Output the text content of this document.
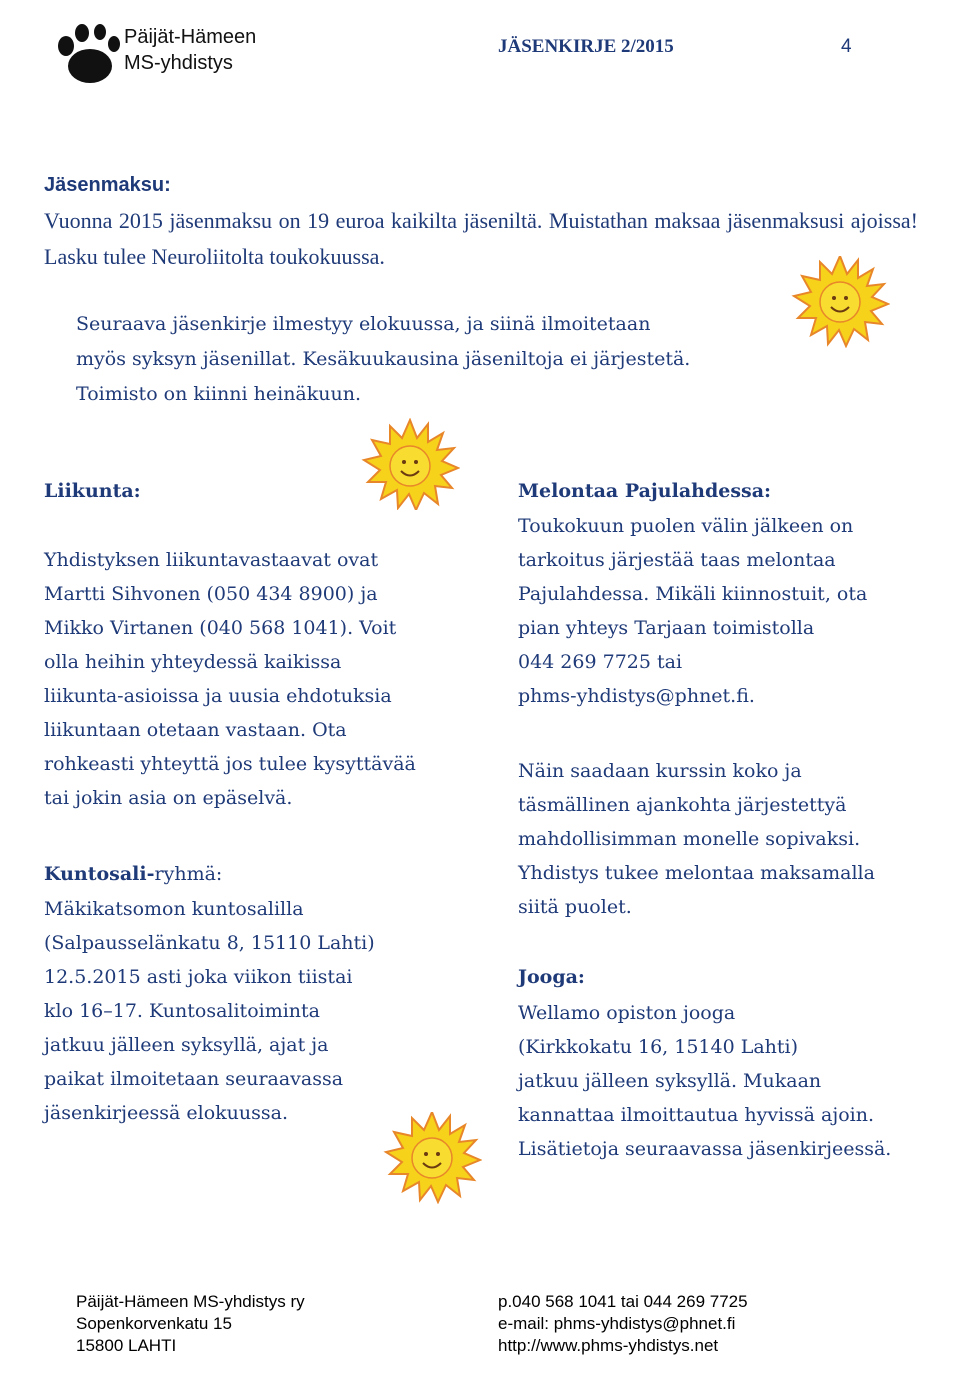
Päijät-Hämeen
MS-yhdistys
JÄSENKIRJE 2/2015	4
Jäsenmaksu:
Vuonna 2015 jäsenmaksu on 19 euroa kaikilta jäseniltä. Muistathan maksaa jäsenmaksusi ajoissa! Lasku tulee Neuroliitolta toukokuussa.
Seuraava jäsenkirje ilmestyy elokuussa, ja siinä ilmoitetaan
myös syksyn jäsenillat. Kesäkuukausina jäseniltoja ei järjestetä.
Toimisto on kiinni heinäkuun.
Liikunta:
Yhdistyksen liikuntavastaavat ovat
Martti Sihvonen (050 434 8900) ja
Mikko Virtanen (040 568 1041). Voit
olla heihin yhteydessä kaikissa
liikunta-asioissa ja uusia ehdotuksia
liikuntaan otetaan vastaan. Ota
rohkeasti yhteyttä jos tulee kysyttävää
tai jokin asia on epäselvä.
Kuntosali-ryhmä:
Mäkikatsomon kuntosalilla
(Salpausselänkatu 8, 15110 Lahti)
12.5.2015 asti joka viikon tiistai
klo 16–17. Kuntosalitoiminta
jatkuu jälleen syksyllä, ajat ja
paikat ilmoitetaan seuraavassa
jäsenkirjeessä elokuussa.
Melontaa Pajulahdessa:
Toukokuun puolen välin jälkeen on
tarkoitus järjestää taas melontaa
Pajulahdessa. Mikäli kiinnostuit, ota
pian yhteys Tarjaan toimistolla
044 269 7725 tai
phms-yhdistys@phnet.fi.
Näin saadaan kurssin koko ja
täsmällinen ajankohta järjestettyä
mahdollisimman monelle sopivaksi.
Yhdistys tukee melontaa maksamalla
siitä puolet.
Jooga:
Wellamo opiston jooga
(Kirkkokatu 16, 15140 Lahti)
jatkuu jälleen syksyllä. Mukaan
kannattaa ilmoittautua hyvissä ajoin.
Lisätietoja seuraavassa jäsenkirjeessä.
Päijät-Hämeen MS-yhdistys ry
Sopenkorvenkatu 15
15800 LAHTI
p.040 568 1041 tai 044 269 7725
e-mail: phms-yhdistys@phnet.fi
http://www.phms-yhdistys.net
